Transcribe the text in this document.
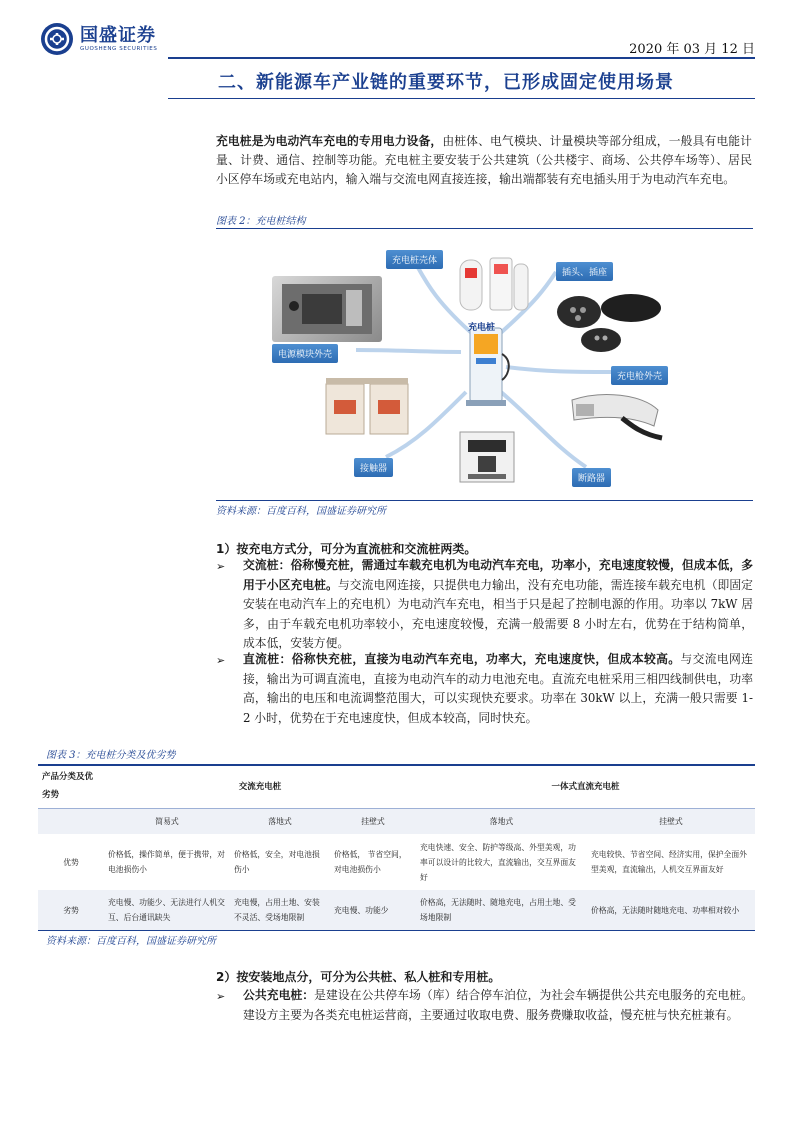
国盛证券
GUOSHENG SECURITIES	2020 年 03 月 12 日
二、新能源车产业链的重要环节，已形成固定使用场景
充电桩是为电动汽车充电的专用电力设备，由桩体、电气模块、计量模块等部分组成，一般具有电能计量、计费、通信、控制等功能。充电桩主要安装于公共建筑（公共楼宇、商场、公共停车场等）、居民小区停车场或充电站内，输入端与交流电网直接连接，输出端都装有充电插头用于为电动汽车充电。
图表 2：充电桩结构
充电桩
充电桩壳体
插头、插座
电源模块外壳
充电枪外壳
接触器
断路器
资料来源：百度百科，国盛证券研究所
1）按充电方式分，可分为直流桩和交流桩两类。
➢ 交流桩：俗称慢充桩，需通过车载充电机为电动汽车充电，功率小，充电速度较慢，但成本低，多用于小区充电桩。与交流电网连接，只提供电力输出，没有充电功能，需连接车载充电机（即固定安装在电动汽车上的充电机）为电动汽车充电，相当于只是起了控制电源的作用。功率以 7kW 居多，由于车载充电机功率较小，充电速度较慢，充满一般需要 8 小时左右，优势在于结构简单，成本低，安装方便。
➢ 直流桩：俗称快充桩，直接为电动汽车充电，功率大，充电速度快，但成本较高。与交流电网连接，输出为可调直流电，直接为电动汽车的动力电池充电。直流充电桩采用三相四线制供电，功率高，输出的电压和电流调整范围大，可以实现快充要求。功率在 30kW 以上，充满一般只需要 1-2 小时，优势在于充电速度快，但成本较高，同时快充。
图表 3：充电桩分类及优劣势
产品分类及优劣势	交流充电桩			一体式直流充电桩	
	简易式	落地式	挂壁式	落地式	挂壁式
优势	价格低，操作简单，便于携带，对电池损伤小	价格低，安全，对电池损伤小	价格低， 节省空间，对电池损伤小	充电快速、安全、防护等级高、外型美观，功率可以设计的比较大，直流输出，交互界面友好	充电较快、节省空间、经济实用，保护全面外型美观，直流输出，人机交互界面友好
劣势	充电慢、功能少、无法进行人机交互、后台通讯缺失	充电慢，占用土地、安装不灵活、受场地限制	充电慢、功能少	价格高，无法随时、随地充电，占用土地、受场地限制	价格高，无法随时随地充电、功率相对较小
资料来源：百度百科，国盛证券研究所
2）按安装地点分，可分为公共桩、私人桩和专用桩。
➢ 公共充电桩：是建设在公共停车场（库）结合停车泊位，为社会车辆提供公共充电服务的充电桩。建设方主要为各类充电桩运营商，主要通过收取电费、服务费赚取收益，慢充桩与快充桩兼有。
